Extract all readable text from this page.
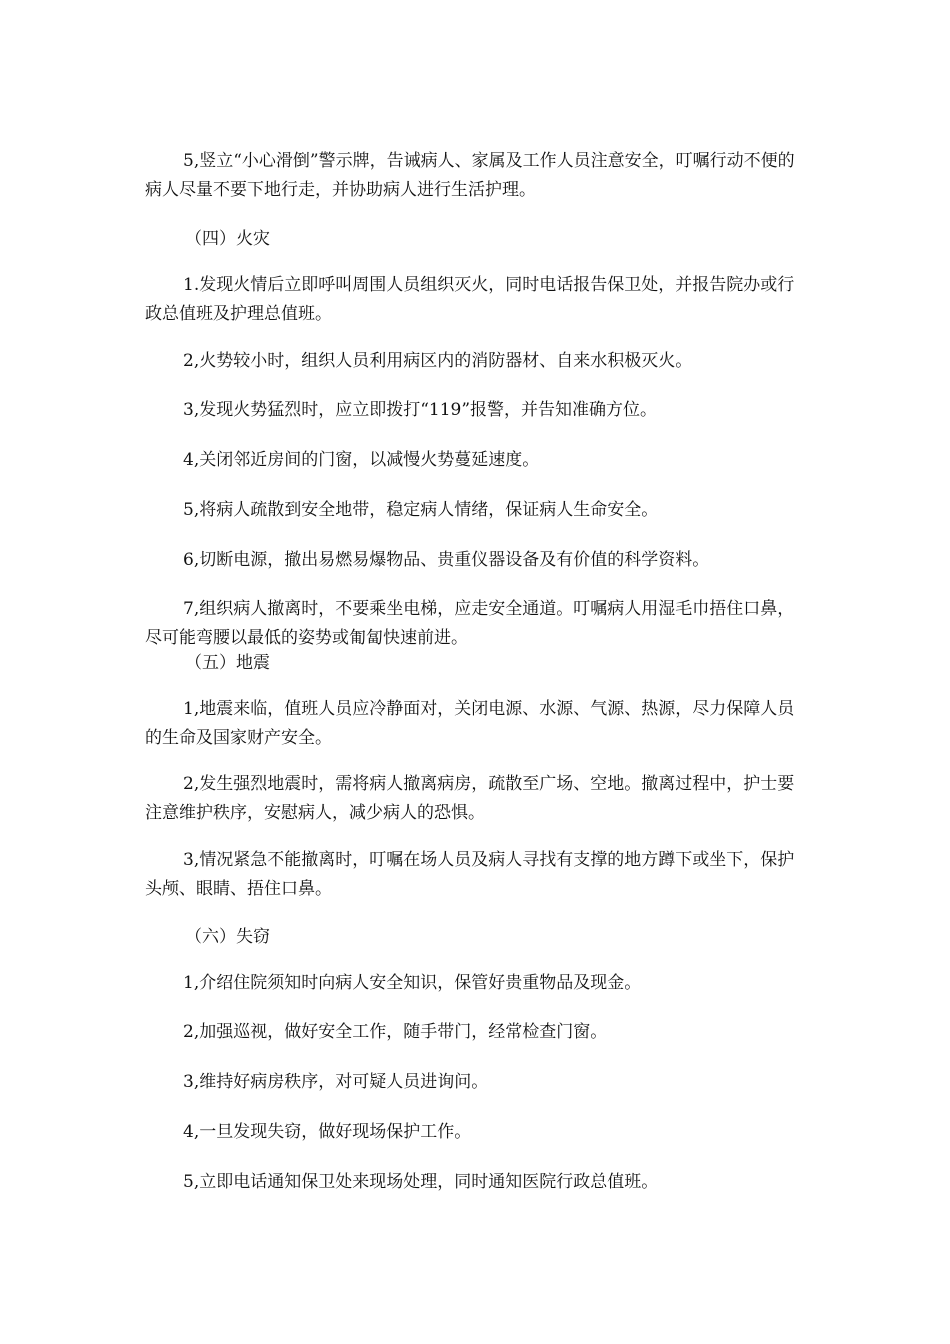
5,竖立“小心滑倒”警示牌，告诫病人、家属及工作人员注意安全，叮嘱行动不便的病人尽量不要下地行走，并协助病人进行生活护理。

（四）火灾

1.发现火情后立即呼叫周围人员组织灭火，同时电话报告保卫处，并报告院办或行政总值班及护理总值班。

2,火势较小时，组织人员利用病区内的消防器材、自来水积极灭火。

3,发现火势猛烈时，应立即拨打“119”报警，并告知准确方位。

4,关闭邻近房间的门窗，以减慢火势蔓延速度。

5,将病人疏散到安全地带，稳定病人情绪，保证病人生命安全。

6,切断电源，撤出易燃易爆物品、贵重仪器设备及有价值的科学资料。

7,组织病人撤离时，不要乘坐电梯，应走安全通道。叮嘱病人用湿毛巾捂住口鼻，尽可能弯腰以最低的姿势或匍匐快速前进。

（五）地震

1,地震来临，值班人员应冷静面对，关闭电源、水源、气源、热源，尽力保障人员的生命及国家财产安全。

2,发生强烈地震时，需将病人撤离病房，疏散至广场、空地。撤离过程中，护士要注意维护秩序，安慰病人，减少病人的恐惧。

3,情况紧急不能撤离时，叮嘱在场人员及病人寻找有支撑的地方蹲下或坐下，保护头颅、眼睛、捂住口鼻。

（六）失窃

1,介绍住院须知时向病人安全知识，保管好贵重物品及现金。

2,加强巡视，做好安全工作，随手带门，经常检查门窗。

3,维持好病房秩序，对可疑人员进询问。

4,一旦发现失窃，做好现场保护工作。

5,立即电话通知保卫处来现场处理，同时通知医院行政总值班。
